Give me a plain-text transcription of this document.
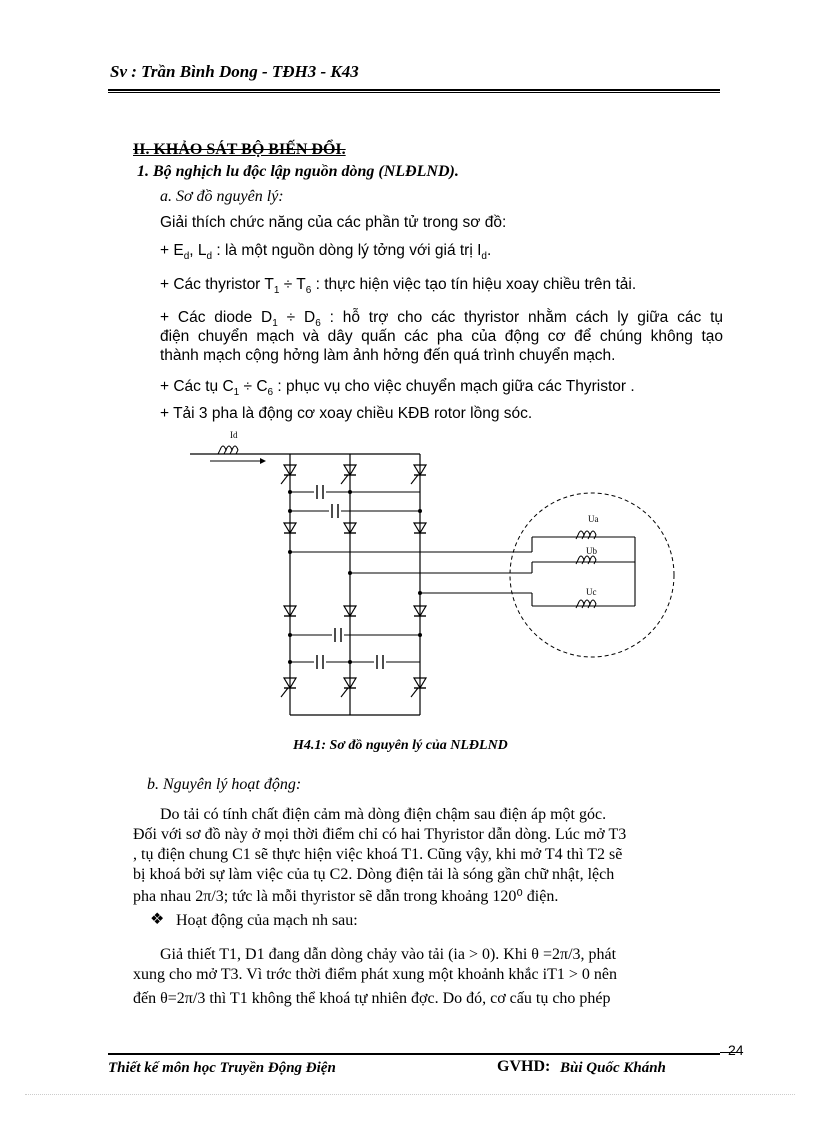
Sv : Trần Bình Dong - TĐH3 - K43
II. KHẢO SÁT BỘ BIẾN ĐỔI.
1. Bộ nghịch lu độc lập nguồn dòng (NLĐLND).
a. Sơ đồ nguyên lý:
Giải thích chức năng của các phần tử trong sơ đồ:
+ $E_d$, $L_d$ : là một nguồn dòng lý tởng với giá trị $I_d$.
+ Các thyristor $T_1 \div T_6$ : thực hiện việc tạo tín hiệu xoay chiều trên tải.
+ Các diode $D_1 \div D_6$ : hỗ trợ cho các thyristor nhằm cách ly giữa các tụ
điện chuyển mạch và dây quấn các pha của động cơ để chúng không tạo
thành mạch cộng hởng làm ảnh hởng đến quá trình chuyển mạch.
+ Các tụ $C_1 \div C_6$ : phục vụ cho việc chuyển mạch giữa các Thyristor .
+ Tải 3 pha là động cơ xoay chiều KĐB rotor lồng sóc.
Id
Ua
Ub
Uc
H4.1: Sơ đồ nguyên lý của NLĐLND
b. Nguyên lý hoạt động:
Do tải có tính chất điện cảm mà dòng điện chậm sau điện áp một góc.
Đối với sơ đồ này ở mọi thời điểm chỉ có hai Thyristor dẫn dòng. Lúc mở T3
, tụ điện chung C1 sẽ thực hiện việc khoá T1. Cũng vậy, khi mở T4 thì T2 sẽ
bị khoá bởi sự làm việc của tụ C2. Dòng điện tải là sóng gần chữ nhật, lệch
pha nhau 2π/3; tức là mỗi thyristor sẽ dẫn trong khoảng 120⁰ điện.
❖ Hoạt động của mạch nh sau:
Giả thiết T1, D1 đang dẫn dòng chảy vào tải (ia > 0). Khi θ =2π/3, phát
xung cho mở T3. Vì trớc thời điểm phát xung một khoảnh khắc iT1 > 0 nên
đến θ=2π/3 thì T1 không thể khoá tự nhiên đợc. Do đó, cơ cấu tụ cho phép
24
Thiết kế môn học Truyền Động Điện	GVHD: Bùi Quốc Khánh
